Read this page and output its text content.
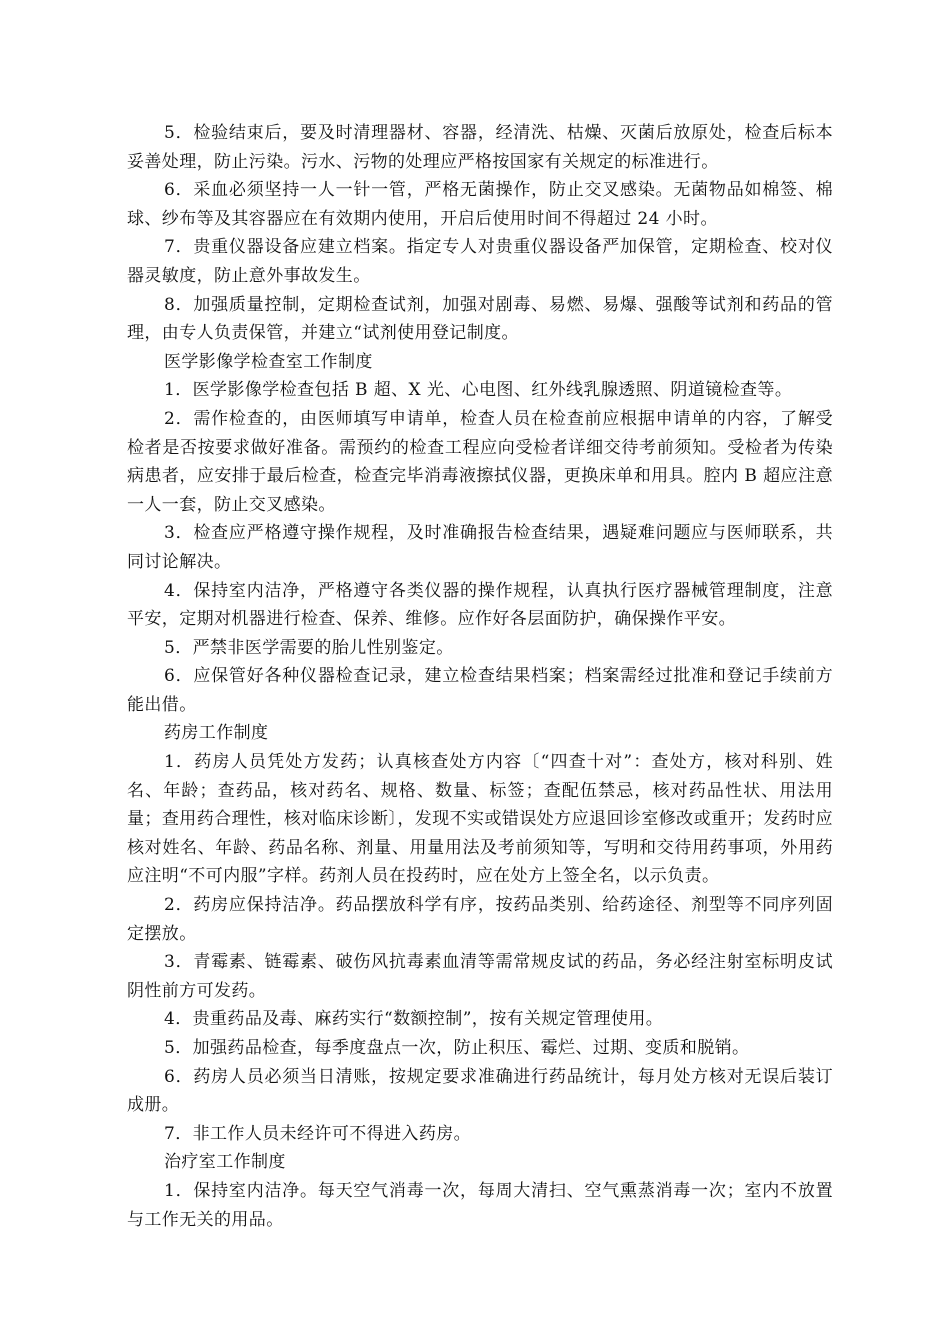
5．检验结束后，要及时清理器材、容器，经清洗、枯燥、灭菌后放原处，检查后标本妥善处理，防止污染。污水、污物的处理应严格按国家有关规定的标准进行。

6．采血必须坚持一人一针一管，严格无菌操作，防止交叉感染。无菌物品如棉签、棉球、纱布等及其容器应在有效期内使用，开启后使用时间不得超过 24 小时。

7．贵重仪器设备应建立档案。指定专人对贵重仪器设备严加保管，定期检查、校对仪器灵敏度，防止意外事故发生。

8．加强质量控制，定期检查试剂，加强对剧毒、易燃、易爆、强酸等试剂和药品的管理，由专人负责保管，并建立“试剂使用登记制度。

医学影像学检查室工作制度

1．医学影像学检查包括 B 超、X 光、心电图、红外线乳腺透照、阴道镜检查等。

2．需作检查的，由医师填写申请单，检查人员在检查前应根据申请单的内容，了解受检者是否按要求做好准备。需预约的检查工程应向受检者详细交待考前须知。受检者为传染病患者，应安排于最后检查，检查完毕消毒液擦拭仪器，更换床单和用具。腔内 B 超应注意一人一套，防止交叉感染。

3．检查应严格遵守操作规程，及时准确报告检查结果，遇疑难问题应与医师联系，共同讨论解决。

4．保持室内洁净，严格遵守各类仪器的操作规程，认真执行医疗器械管理制度，注意平安，定期对机器进行检查、保养、维修。应作好各层面防护，确保操作平安。

5．严禁非医学需要的胎儿性别鉴定。

6．应保管好各种仪器检查记录，建立检查结果档案；档案需经过批准和登记手续前方能出借。

药房工作制度

1．药房人员凭处方发药；认真核查处方内容〔“四查十对”：查处方，核对科别、姓名、年龄；查药品，核对药名、规格、数量、标签；查配伍禁忌，核对药品性状、用法用量；查用药合理性，核对临床诊断〕，发现不实或错误处方应退回诊室修改或重开；发药时应核对姓名、年龄、药品名称、剂量、用量用法及考前须知等，写明和交待用药事项，外用药应注明“不可内服”字样。药剂人员在投药时，应在处方上签全名，以示负责。

2．药房应保持洁净。药品摆放科学有序，按药品类别、给药途径、剂型等不同序列固定摆放。

3．青霉素、链霉素、破伤风抗毒素血清等需常规皮试的药品，务必经注射室标明皮试阴性前方可发药。

4．贵重药品及毒、麻药实行“数额控制”，按有关规定管理使用。

5．加强药品检查，每季度盘点一次，防止积压、霉烂、过期、变质和脱销。

6．药房人员必须当日清账，按规定要求准确进行药品统计，每月处方核对无误后装订成册。

7．非工作人员未经许可不得进入药房。

治疗室工作制度

1．保持室内洁净。每天空气消毒一次，每周大清扫、空气熏蒸消毒一次；室内不放置与工作无关的用品。
